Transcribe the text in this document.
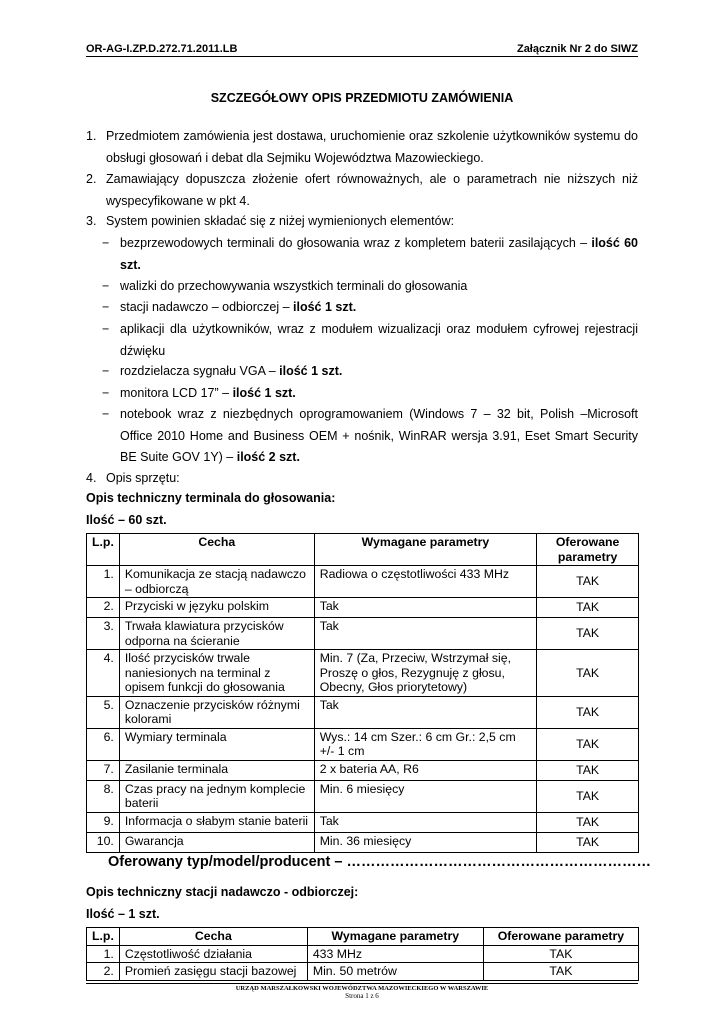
OR-AG-I.ZP.D.272.71.2011.LB	Załącznik Nr 2 do SIWZ
SZCZEGÓŁOWY OPIS PRZEDMIOTU ZAMÓWIENIA
1. Przedmiotem zamówienia jest dostawa, uruchomienie oraz szkolenie użytkowników systemu do obsługi głosowań i debat dla Sejmiku Województwa Mazowieckiego.
2. Zamawiający dopuszcza złożenie ofert równoważnych, ale o parametrach nie niższych niż wyspecyfikowane w pkt 4.
3. System powinien składać się z niżej wymienionych elementów:
− bezprzewodowych terminali do głosowania wraz z kompletem baterii zasilających – ilość 60 szt.
− walizki do przechowywania wszystkich terminali do głosowania
− stacji nadawczo – odbiorczej – ilość 1 szt.
− aplikacji dla użytkowników, wraz z modułem wizualizacji oraz modułem cyfrowej rejestracji dźwięku
− rozdzielacza sygnału VGA – ilość 1 szt.
− monitora LCD 17” – ilość 1 szt.
− notebook wraz z niezbędnych oprogramowaniem (Windows 7 – 32 bit, Polish –Microsoft Office 2010 Home and Business OEM + nośnik, WinRAR wersja 3.91, Eset Smart Security BE Suite GOV 1Y) – ilość 2 szt.
4. Opis sprzętu:
Opis techniczny terminala do głosowania:
Ilość – 60 szt.
L.p.	Cecha	Wymagane parametry	Oferowane parametry
1.	Komunikacja ze stacją nadawczo – odbiorczą	Radiowa o częstotliwości 433 MHz	TAK
2.	Przyciski w języku polskim	Tak	TAK
3.	Trwała klawiatura przycisków odporna na ścieranie	Tak	TAK
4.	Ilość przycisków trwale naniesionych na terminal z opisem funkcji do głosowania	Min. 7 (Za, Przeciw, Wstrzymał się, Proszę o głos, Rezygnuję z głosu, Obecny, Głos priorytetowy)	TAK
5.	Oznaczenie przycisków różnymi kolorami	Tak	TAK
6.	Wymiary terminala	Wys.: 14 cm Szer.: 6 cm Gr.: 2,5 cm +/- 1 cm	TAK
7.	Zasilanie terminala	2 x bateria AA, R6	TAK
8.	Czas pracy na jednym komplecie baterii	Min. 6 miesięcy	TAK
9.	Informacja o słabym stanie baterii	Tak	TAK
10.	Gwarancja	Min. 36 miesięcy	TAK
Oferowany typ/model/producent – ………………………………………………………
Opis techniczny stacji nadawczo - odbiorczej:
Ilość – 1 szt.
L.p.	Cecha	Wymagane parametry	Oferowane parametry
1.	Częstotliwość działania	433 MHz	TAK
2.	Promień zasięgu stacji bazowej	Min. 50 metrów	TAK
URZĄD MARSZAŁKOWSKI WOJEWÓDZTWA MAZOWIECKIEGO W WARSZAWIE
Strona 1 z 6
